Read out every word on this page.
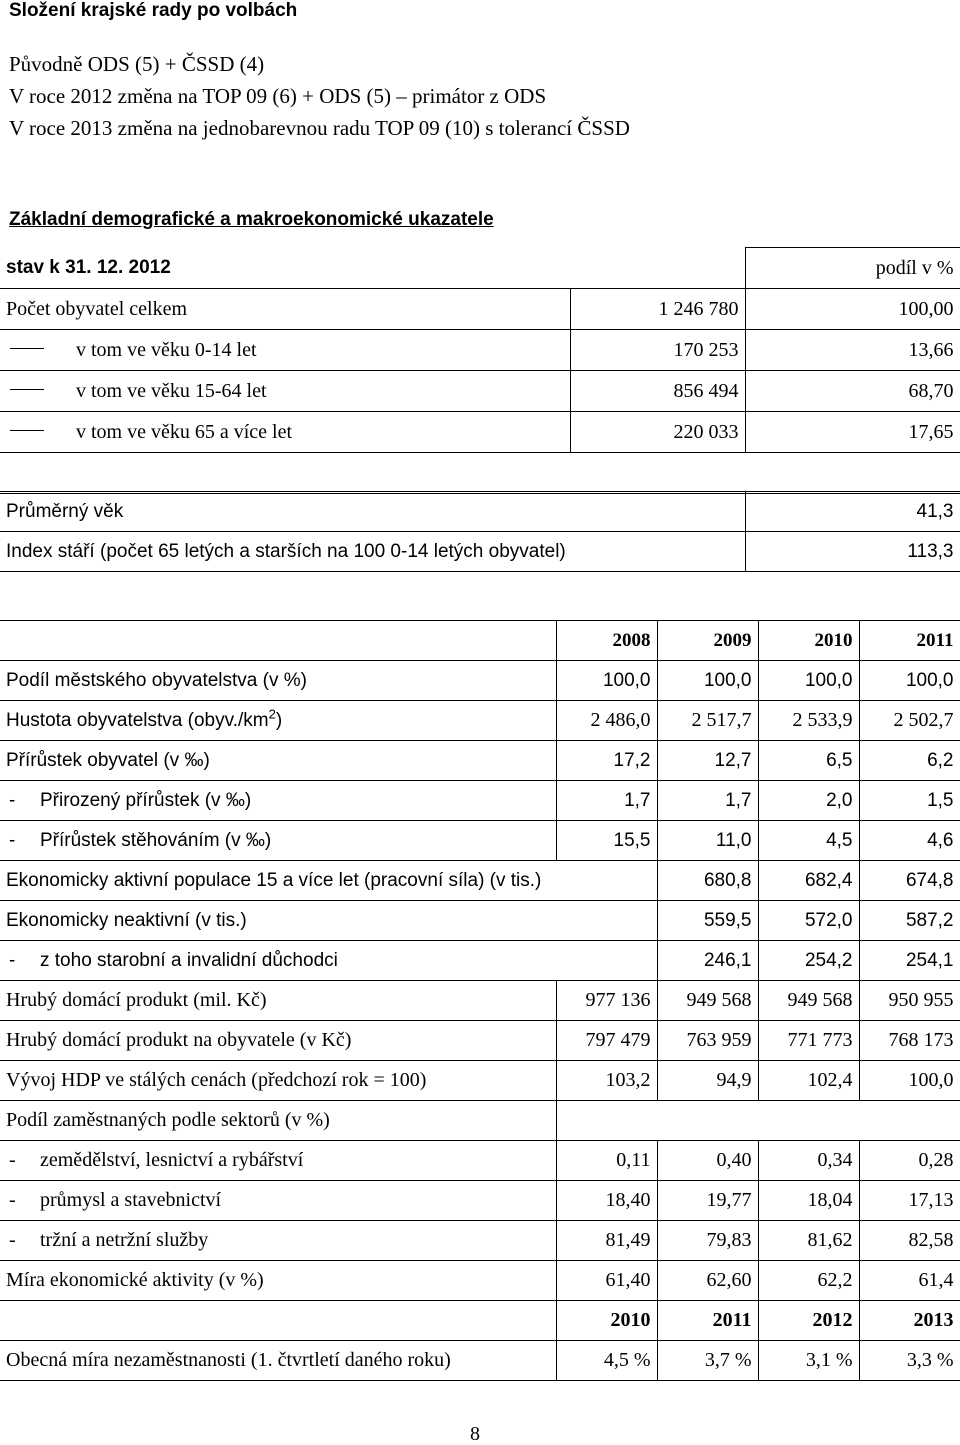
Složení krajské rady po volbách
Původně ODS (5) + ČSSD (4)
V roce 2012 změna na TOP 09 (6) + ODS (5) – primátor z ODS
V roce 2013 změna na jednobarevnou radu TOP 09 (10) s tolerancí ČSSD
Základní demografické a makroekonomické ukazatele
stav k 31. 12. 2012		podíl v %
Počet obyvatel celkem	1 246 780	100,00
v tom ve věku 0-14 let	170 253	13,66
v tom ve věku 15-64 let	856 494	68,70
v tom ve věku 65 a více let	220 033	17,65

Průměrný věk	41,3
Index stáří (počet 65 letých a starších na 100 0-14 letých obyvatel)	113,3
	2008	2009	2010	2011
Podíl městského obyvatelstva (v %)	100,0	100,0	100,0	100,0
Hustota obyvatelstva $(obyv./km^2)$	2 486,0	2 517,7	2 533,9	2 502,7
Přírůstek obyvatel (v ‰)	17,2	12,7	6,5	6,2

- Přirozený přírůstek (v ‰)	1,7	1,7	2,0	1,5

- Přírůstek stěhováním (v ‰)	15,5	11,0	4,5	4,6
Ekonomicky aktivní populace 15 a více let (pracovní síla) (v tis.)		680,8	682,4	674,8
Ekonomicky neaktivní (v tis.)		559,5	572,0	587,2

- z toho starobní a invalidní důchodci		246,1	254,2	254,1
Hrubý domácí produkt (mil. Kč)	977 136	949 568	949 568	950 955
Hrubý domácí produkt na obyvatele (v Kč)	797 479	763 959	771 773	768 173
Vývoj HDP ve stálých cenách (předchozí rok = 100)	103,2	94,9	102,4	100,0
Podíl zaměstnaných podle sektorů (v %)				

- zemědělství, lesnictví a rybářství	0,11	0,40	0,34	0,28

- průmysl a stavebnictví	18,40	19,77	18,04	17,13

- tržní a netržní služby	81,49	79,83	81,62	82,58
Míra ekonomické aktivity (v %)	61,40	62,60	62,2	61,4
	2010	2011	2012	2013
Obecná míra nezaměstnanosti (1. čtvrtletí daného roku)	4,5 %	3,7 %	3,1 %	3,3 %
8
